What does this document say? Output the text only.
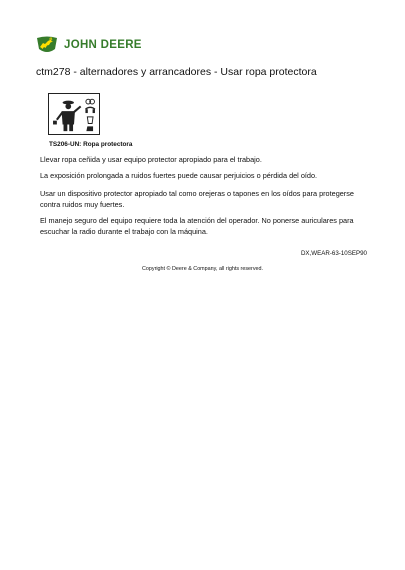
JOHN DEERE
ctm278 - alternadores y arrancadores - Usar ropa protectora
TS206-UN: Ropa protectora
Llevar ropa ceñida y usar equipo protector apropiado para el trabajo.
La exposición prolongada a ruidos fuertes puede causar perjuicios o pérdida del oído.
Usar un dispositivo protector apropiado tal como orejeras o tapones en los oídos para protegerse contra ruidos muy fuertes.
El manejo seguro del equipo requiere toda la atención del operador. No ponerse auriculares para escuchar la radio durante el trabajo con la máquina.
DX,WEAR-63-10SEP90
Copyright © Deere & Company, all rights reserved.
